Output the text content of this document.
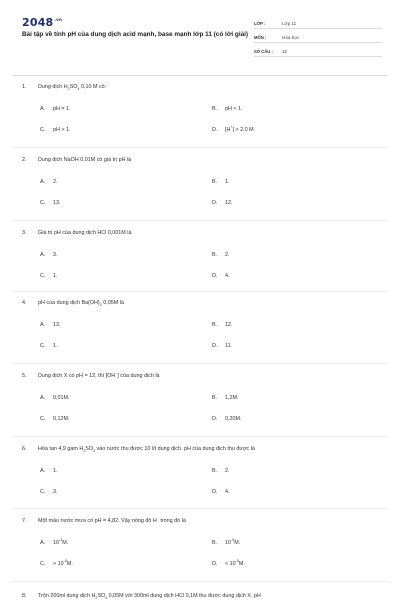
$2048^{.vn}$
Bài tập về tính pH của dung dịch acid mạnh, base mạnh lớp 11 (có lời giải)
LỚP :	Lớp 11
MÔN :	Hóa học
SỐ CÂU :	12
1. Dung dịch $H_2SO_4$ 0,10 M có:
A. pH = 1.	B. pH < 1.
C. pH > 1.	D. [H+] > 2,0 M.
2. Dung dịch NaOH 0,01M có giá trị pH là
A. 2.	B. 1.
C. 13.	D. 12.
3. Giá trị pH của dung dịch HCl 0,001M là
A. 3.	B. 2.
C. 1.	D. 4.
4. pH của dung dịch $Ba(OH)_2$ 0,05M là
A. 13.	B. 12.
C. 1.	D. 11.
5. Dung dịch X có pH = 12, thì [OH−] của dung dịch là
A. 0,01M.	B. 1,2M.
C. 0,12M.	D. 0,20M.
6. Hòa tan 4,9 gam $H_2SO_4$ vào nước thu được 10 lít dung dịch. pH của dung dịch thu được là
A. 1.	B. 2.
C. 3.	D. 4.
7. Một mẫu nước mưa có pH = 4,82. Vậy nồng độ H+ trong đó là
A. $10^{-4}M$.	B. $10^{-5}M$.
C. > $10^{-5}M$.	D. < $10^{-5}M$.
8. Trộn 200ml dung dịch $H_2SO_4$ 0,05M với 300ml dung dịch HCl 0,1M thu được dung dịch X. pH
